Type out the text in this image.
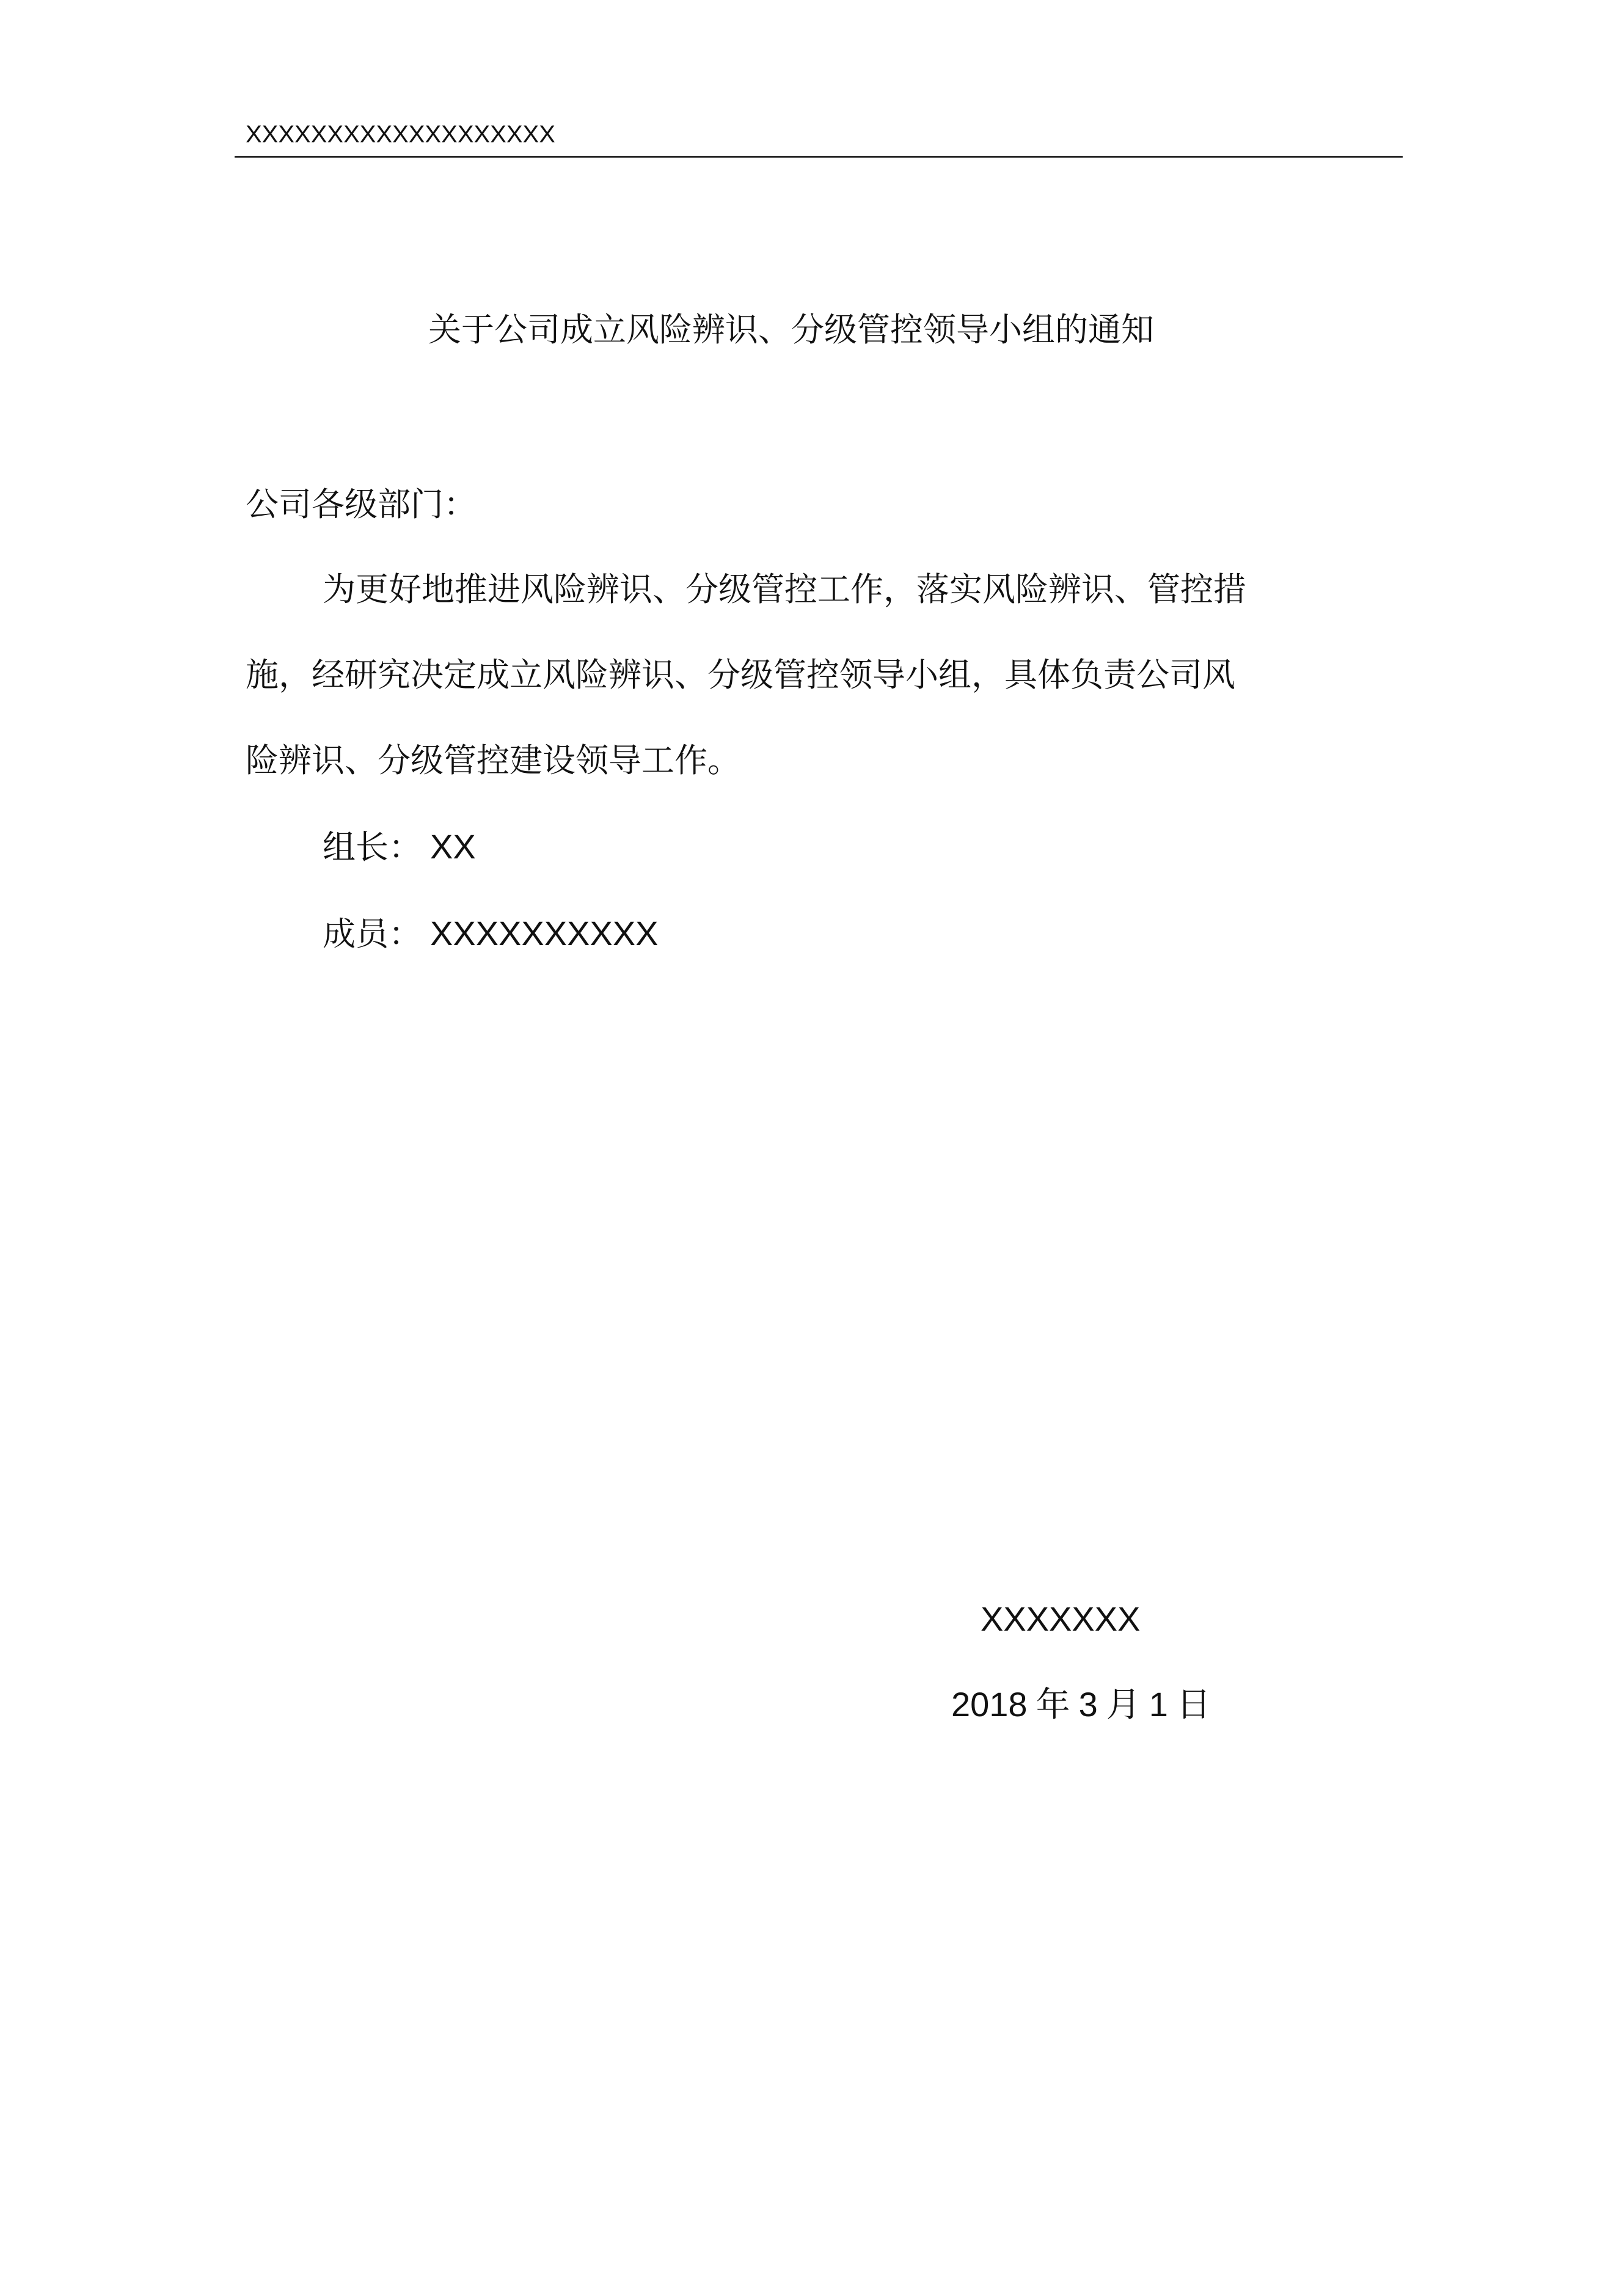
XXXXXXXXXXXXXXXXXXX
关于公司成立风险辨识、分级管控领导小组的通知
公司各级部门：
为更好地推进风险辨识、分级管控工作，落实风险辨识、管控措
施，经研究决定成立风险辨识、分级管控领导小组，具体负责公司风
险辨识、分级管控建设领导工作。
组长： XX
成员： XXXXXXXXXX
XXXXXXX
2018 年 3 月 1 日
